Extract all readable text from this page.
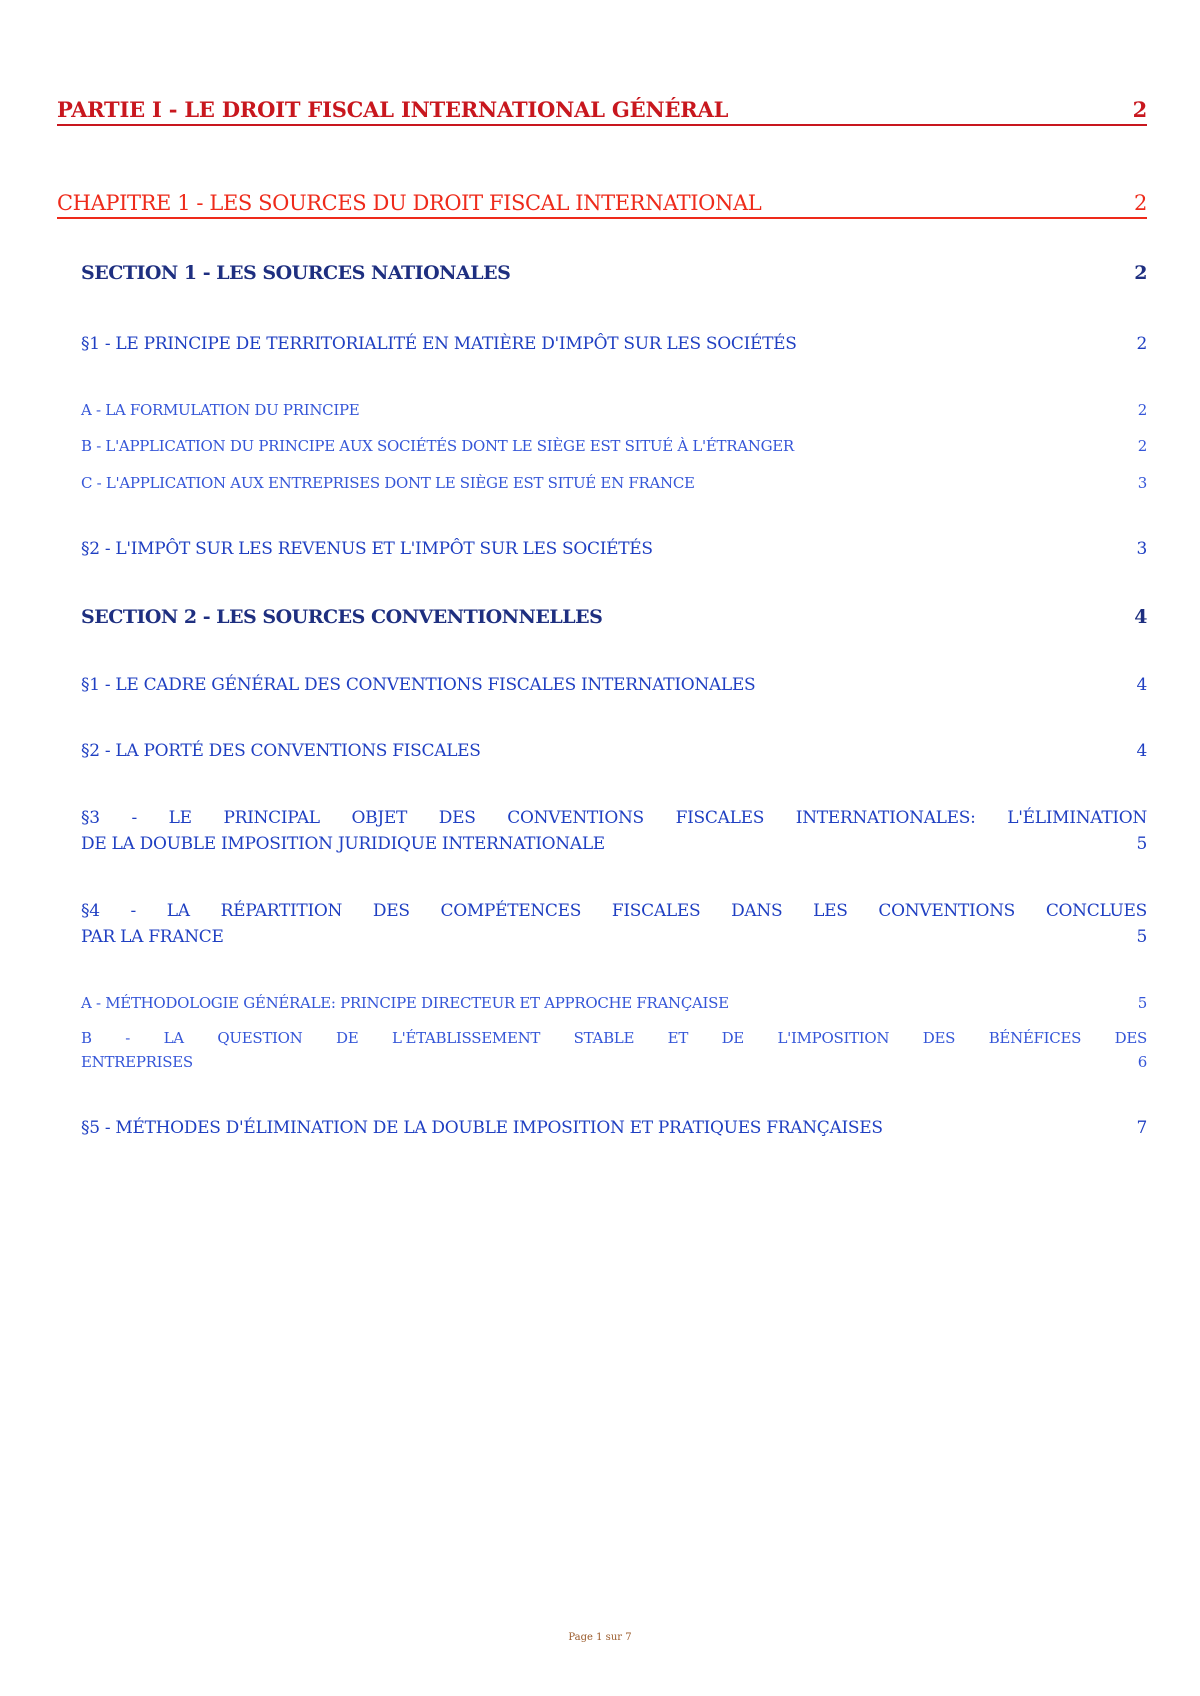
PARTIE I - LE DROIT FISCAL INTERNATIONAL GÉNÉRAL	2
CHAPITRE 1 - LES SOURCES DU DROIT FISCAL INTERNATIONAL	2
SECTION 1 - LES SOURCES NATIONALES	2
§1 - LE PRINCIPE DE TERRITORIALITÉ EN MATIÈRE D'IMPÔT SUR LES SOCIÉTÉS	2
A - LA FORMULATION DU PRINCIPE	2
B - L'APPLICATION DU PRINCIPE AUX SOCIÉTÉS DONT LE SIÈGE EST SITUÉ À L'ÉTRANGER	2
C - L'APPLICATION AUX ENTREPRISES DONT LE SIÈGE EST SITUÉ EN FRANCE	3
§2 - L'IMPÔT SUR LES REVENUS ET L'IMPÔT SUR LES SOCIÉTÉS	3
SECTION 2 - LES SOURCES CONVENTIONNELLES	4
§1 - LE CADRE GÉNÉRAL DES CONVENTIONS FISCALES INTERNATIONALES	4
§2 - LA PORTÉ DES CONVENTIONS FISCALES	4
§3 - LE PRINCIPAL OBJET DES CONVENTIONS FISCALES INTERNATIONALES: L'ÉLIMINATION
DE LA DOUBLE IMPOSITION JURIDIQUE INTERNATIONALE	5
§4 - LA RÉPARTITION DES COMPÉTENCES FISCALES DANS LES CONVENTIONS CONCLUES
PAR LA FRANCE	5
A - MÉTHODOLOGIE GÉNÉRALE: PRINCIPE DIRECTEUR ET APPROCHE FRANÇAISE	5
B - LA QUESTION DE L'ÉTABLISSEMENT STABLE ET DE L'IMPOSITION DES BÉNÉFICES DES
ENTREPRISES	6
§5 - MÉTHODES D'ÉLIMINATION DE LA DOUBLE IMPOSITION ET PRATIQUES FRANÇAISES	7
Page 1 sur 7
